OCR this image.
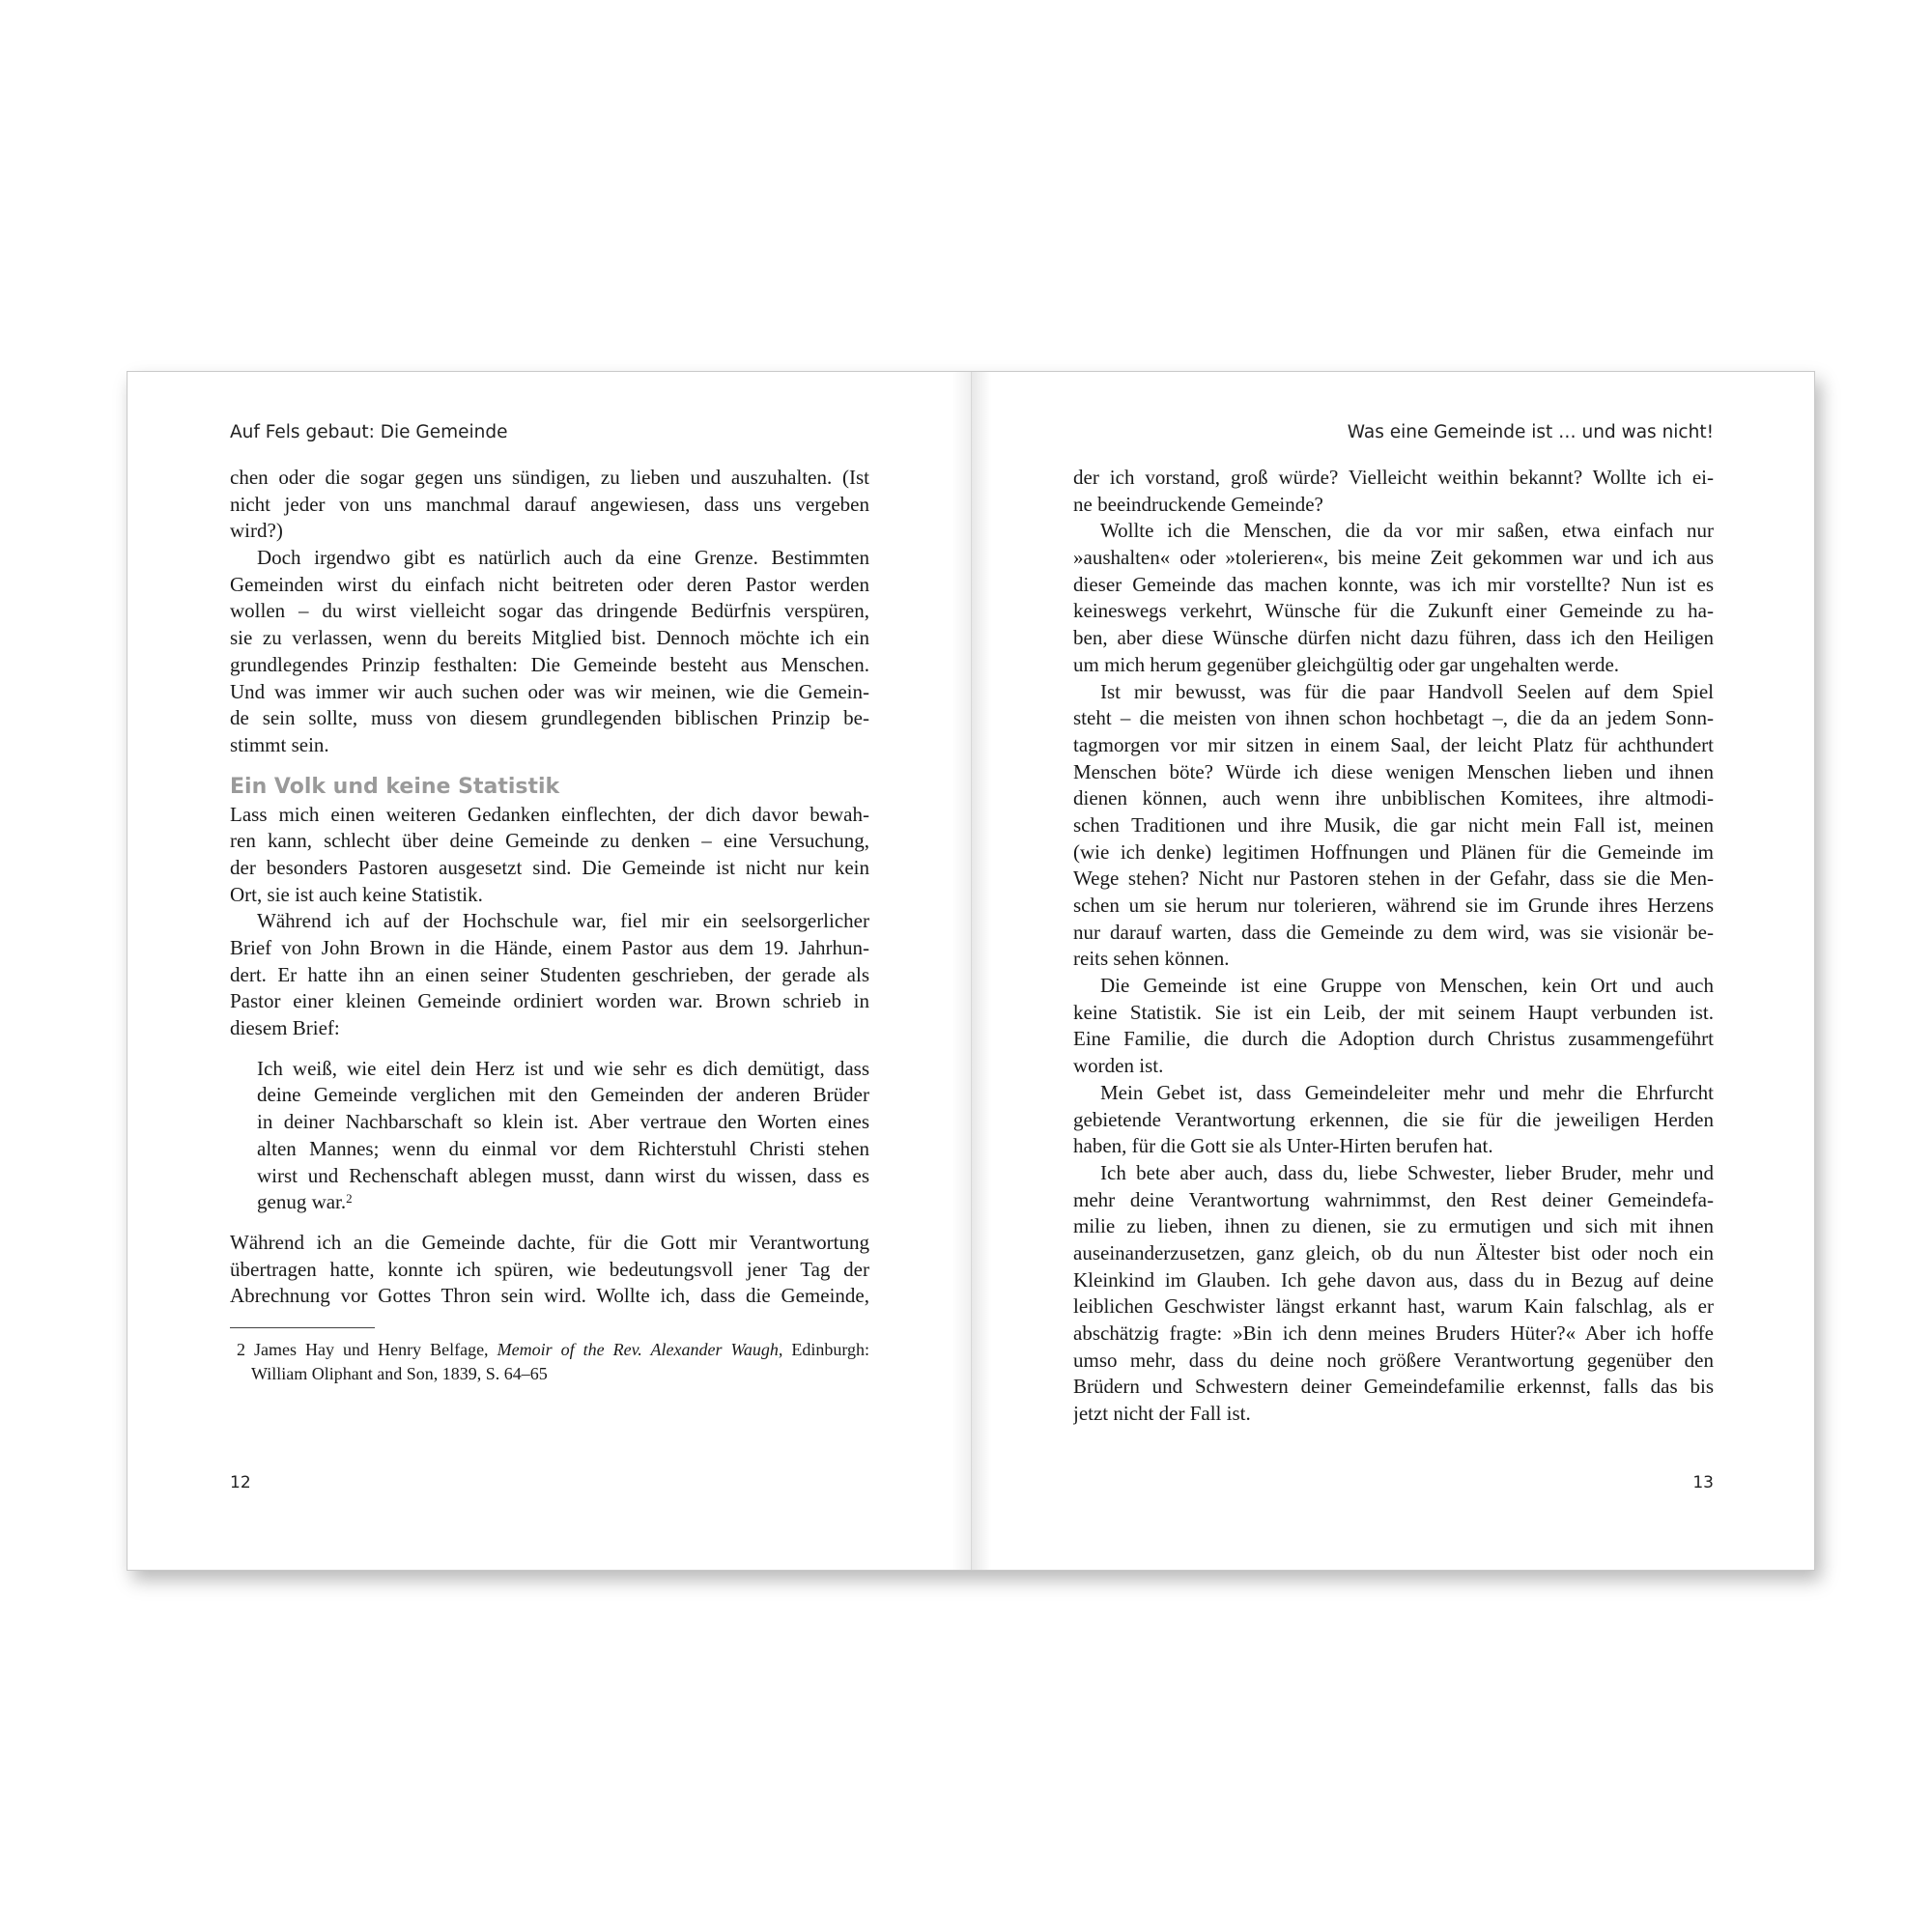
Auf Fels gebaut: Die Gemeinde
chen oder die sogar gegen uns sündigen, zu lieben und auszuhalten. (Ist
nicht jeder von uns manchmal darauf angewiesen, dass uns vergeben
wird?)
Doch irgendwo gibt es natürlich auch da eine Grenze. Bestimmten
Gemeinden wirst du einfach nicht beitreten oder deren Pastor werden
wollen – du wirst vielleicht sogar das dringende Bedürfnis verspüren,
sie zu verlassen, wenn du bereits Mitglied bist. Dennoch möchte ich ein
grundlegendes Prinzip festhalten: Die Gemeinde besteht aus Menschen.
Und was immer wir auch suchen oder was wir meinen, wie die Gemein-
de sein sollte, muss von diesem grundlegenden biblischen Prinzip be-
stimmt sein.
Ein Volk und keine Statistik
Lass mich einen weiteren Gedanken einflechten, der dich davor bewah-
ren kann, schlecht über deine Gemeinde zu denken – eine Versuchung,
der besonders Pastoren ausgesetzt sind. Die Gemeinde ist nicht nur kein
Ort, sie ist auch keine Statistik.
Während ich auf der Hochschule war, fiel mir ein seelsorgerlicher
Brief von John Brown in die Hände, einem Pastor aus dem 19. Jahrhun-
dert. Er hatte ihn an einen seiner Studenten geschrieben, der gerade als
Pastor einer kleinen Gemeinde ordiniert worden war. Brown schrieb in
diesem Brief:
Ich weiß, wie eitel dein Herz ist und wie sehr es dich demütigt, dass
deine Gemeinde verglichen mit den Gemeinden der anderen Brüder
in deiner Nachbarschaft so klein ist. Aber vertraue den Worten eines
alten Mannes; wenn du einmal vor dem Richterstuhl Christi stehen
wirst und Rechenschaft ablegen musst, dann wirst du wissen, dass es
genug war.$^2$
Während ich an die Gemeinde dachte, für die Gott mir Verantwortung
übertragen hatte, konnte ich spüren, wie bedeutungsvoll jener Tag der
Abrechnung vor Gottes Thron sein wird. Wollte ich, dass die Gemeinde,
2 James Hay und Henry Belfage, Memoir of the Rev. Alexander Waugh, Edinburgh:
William Oliphant and Son, 1839, S. 64–65
12
Was eine Gemeinde ist … und was nicht!
der ich vorstand, groß würde? Vielleicht weithin bekannt? Wollte ich ei-
ne beeindruckende Gemeinde?
Wollte ich die Menschen, die da vor mir saßen, etwa einfach nur
»aushalten« oder »tolerieren«, bis meine Zeit gekommen war und ich aus
dieser Gemeinde das machen konnte, was ich mir vorstellte? Nun ist es
keineswegs verkehrt, Wünsche für die Zukunft einer Gemeinde zu ha-
ben, aber diese Wünsche dürfen nicht dazu führen, dass ich den Heiligen
um mich herum gegenüber gleichgültig oder gar ungehalten werde.
Ist mir bewusst, was für die paar Handvoll Seelen auf dem Spiel
steht – die meisten von ihnen schon hochbetagt –, die da an jedem Sonn-
tagmorgen vor mir sitzen in einem Saal, der leicht Platz für achthundert
Menschen böte? Würde ich diese wenigen Menschen lieben und ihnen
dienen können, auch wenn ihre unbiblischen Komitees, ihre altmodi-
schen Traditionen und ihre Musik, die gar nicht mein Fall ist, meinen
(wie ich denke) legitimen Hoffnungen und Plänen für die Gemeinde im
Wege stehen? Nicht nur Pastoren stehen in der Gefahr, dass sie die Men-
schen um sie herum nur tolerieren, während sie im Grunde ihres Herzens
nur darauf warten, dass die Gemeinde zu dem wird, was sie visionär be-
reits sehen können.
Die Gemeinde ist eine Gruppe von Menschen, kein Ort und auch
keine Statistik. Sie ist ein Leib, der mit seinem Haupt verbunden ist.
Eine Familie, die durch die Adoption durch Christus zusammengeführt
worden ist.
Mein Gebet ist, dass Gemeindeleiter mehr und mehr die Ehrfurcht
gebietende Verantwortung erkennen, die sie für die jeweiligen Herden
haben, für die Gott sie als Unter-Hirten berufen hat.
Ich bete aber auch, dass du, liebe Schwester, lieber Bruder, mehr und
mehr deine Verantwortung wahrnimmst, den Rest deiner Gemeindefa-
milie zu lieben, ihnen zu dienen, sie zu ermutigen und sich mit ihnen
auseinanderzusetzen, ganz gleich, ob du nun Ältester bist oder noch ein
Kleinkind im Glauben. Ich gehe davon aus, dass du in Bezug auf deine
leiblichen Geschwister längst erkannt hast, warum Kain falschlag, als er
abschätzig fragte: »Bin ich denn meines Bruders Hüter?« Aber ich hoffe
umso mehr, dass du deine noch größere Verantwortung gegenüber den
Brüdern und Schwestern deiner Gemeindefamilie erkennst, falls das bis
jetzt nicht der Fall ist.
13
